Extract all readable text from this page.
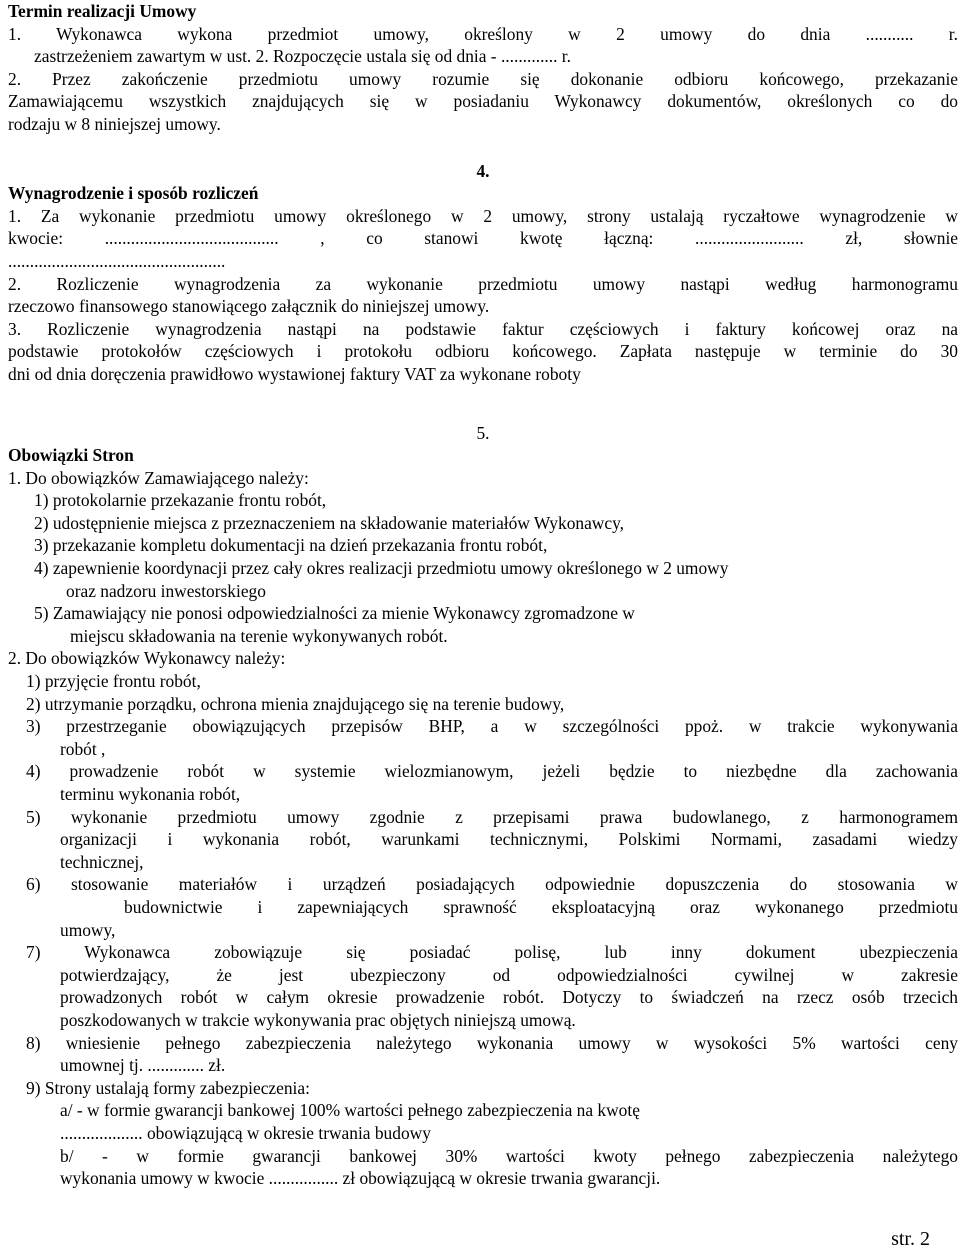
Termin realizacji Umowy

1. Wykonawca wykona przedmiot umowy, określony w 2 umowy do dnia ........... r.

zastrzeżeniem zawartym w ust. 2. Rozpoczęcie ustala się od dnia - ............. r.

2. Przez zakończenie przedmiotu umowy rozumie się dokonanie odbioru końcowego, przekazanie

Zamawiającemu wszystkich znajdujących się w posiadaniu Wykonawcy dokumentów, określonych co do

rodzaju w 8 niniejszej umowy.

4.

Wynagrodzenie i sposób rozliczeń

1. Za wykonanie przedmiotu umowy określonego w 2 umowy, strony ustalają ryczałtowe wynagrodzenie w

kwocie: ........................................ , co stanowi kwotę łączną: ......................... zł, słownie

..................................................

2. Rozliczenie wynagrodzenia za wykonanie przedmiotu umowy nastąpi według harmonogramu

rzeczowo finansowego stanowiącego załącznik do niniejszej umowy.

3. Rozliczenie wynagrodzenia nastąpi na podstawie faktur częściowych i faktury końcowej oraz na

podstawie protokołów częściowych i protokołu odbioru końcowego. Zapłata następuje w terminie do 30

dni od dnia doręczenia prawidłowo wystawionej faktury VAT za wykonane roboty

5.

Obowiązki Stron

1. Do obowiązków Zamawiającego należy:

1) protokolarnie przekazanie frontu robót,

2) udostępnienie miejsca z przeznaczeniem na składowanie materiałów Wykonawcy,

3) przekazanie kompletu dokumentacji na dzień przekazania frontu robót,

4) zapewnienie koordynacji przez cały okres realizacji przedmiotu umowy określonego w 2 umowy

oraz nadzoru inwestorskiego

5) Zamawiający nie ponosi odpowiedzialności za mienie Wykonawcy zgromadzone w

miejscu składowania na terenie wykonywanych robót.

2. Do obowiązków Wykonawcy należy:

1) przyjęcie frontu robót,

2) utrzymanie porządku, ochrona mienia znajdującego się na terenie budowy,

3) przestrzeganie obowiązujących przepisów BHP, a w szczególności ppoż. w trakcie wykonywania

robót ,

4) prowadzenie robót w systemie wielozmianowym, jeżeli będzie to niezbędne dla zachowania

terminu wykonania robót,

5) wykonanie przedmiotu umowy zgodnie z przepisami prawa budowlanego, z harmonogramem

organizacji i wykonania robót, warunkami technicznymi, Polskimi Normami, zasadami wiedzy

technicznej,

6) stosowanie materiałów i urządzeń posiadających odpowiednie dopuszczenia do stosowania w

budownictwie i zapewniających sprawność eksploatacyjną oraz wykonanego przedmiotu

umowy,

7) Wykonawca zobowiązuje się posiadać polisę, lub inny dokument ubezpieczenia

potwierdzający, że jest ubezpieczony od odpowiedzialności cywilnej w zakresie

prowadzonych robót w całym okresie prowadzenie robót. Dotyczy to świadczeń na rzecz osób trzecich

poszkodowanych w trakcie wykonywania prac objętych niniejszą umową.

8) wniesienie pełnego zabezpieczenia należytego wykonania umowy w wysokości 5% wartości ceny

umownej tj. ............. zł.

9) Strony ustalają formy zabezpieczenia:

a/ - w formie gwarancji bankowej 100% wartości pełnego zabezpieczenia na kwotę

................... obowiązującą w okresie trwania budowy

b/ - w formie gwarancji bankowej 30% wartości kwoty pełnego zabezpieczenia należytego

wykonania umowy w kwocie ................ zł obowiązującą w okresie trwania gwarancji.

str. 2
